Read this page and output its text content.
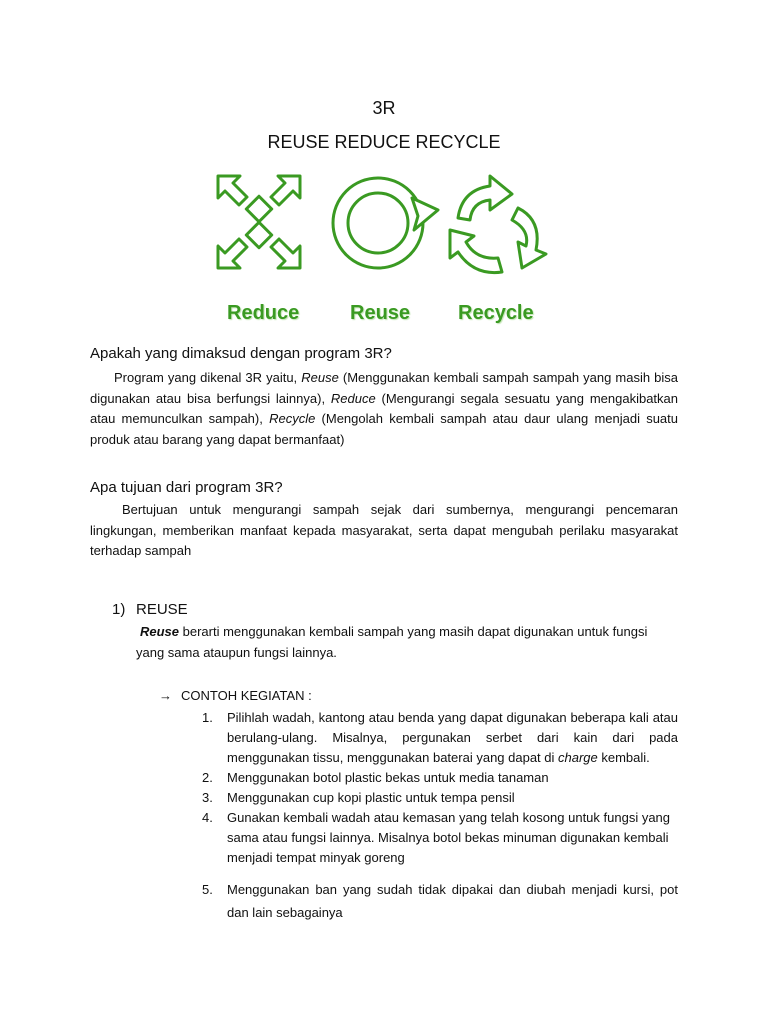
3R
REUSE REDUCE RECYCLE
Reduce	Reuse Recycle
Apakah yang dimaksud dengan program 3R?
Program yang dikenal 3R yaitu, Reuse (Menggunakan kembali sampah sampah yang masih bisa digunakan atau bisa berfungsi lainnya), Reduce (Mengurangi segala sesuatu yang mengakibatkan atau memunculkan sampah), Recycle (Mengolah kembali sampah atau daur ulang menjadi suatu produk atau barang yang dapat bermanfaat)
Apa tujuan dari program 3R?
Bertujuan untuk mengurangi sampah sejak dari sumbernya, mengurangi pencemaran lingkungan, memberikan manfaat kepada masyarakat, serta dapat mengubah perilaku masyarakat terhadap sampah
1) REUSE
Reuse berarti menggunakan kembali sampah yang masih dapat digunakan untuk fungsi yang sama ataupun fungsi lainnya.
→ CONTOH KEGIATAN :
1. Pilihlah wadah, kantong atau benda yang dapat digunakan beberapa kali atau berulang-ulang. Misalnya, pergunakan serbet dari kain dari pada menggunakan tissu, menggunakan baterai yang dapat di charge kembali.
2. Menggunakan botol plastic bekas untuk media tanaman
3. Menggunakan cup kopi plastic untuk tempa pensil
4. Gunakan kembali wadah atau kemasan yang telah kosong untuk fungsi yang sama atau fungsi lainnya. Misalnya botol bekas minuman digunakan kembali menjadi tempat minyak goreng
5. Menggunakan ban yang sudah tidak dipakai dan diubah menjadi kursi, pot dan lain sebagainya
